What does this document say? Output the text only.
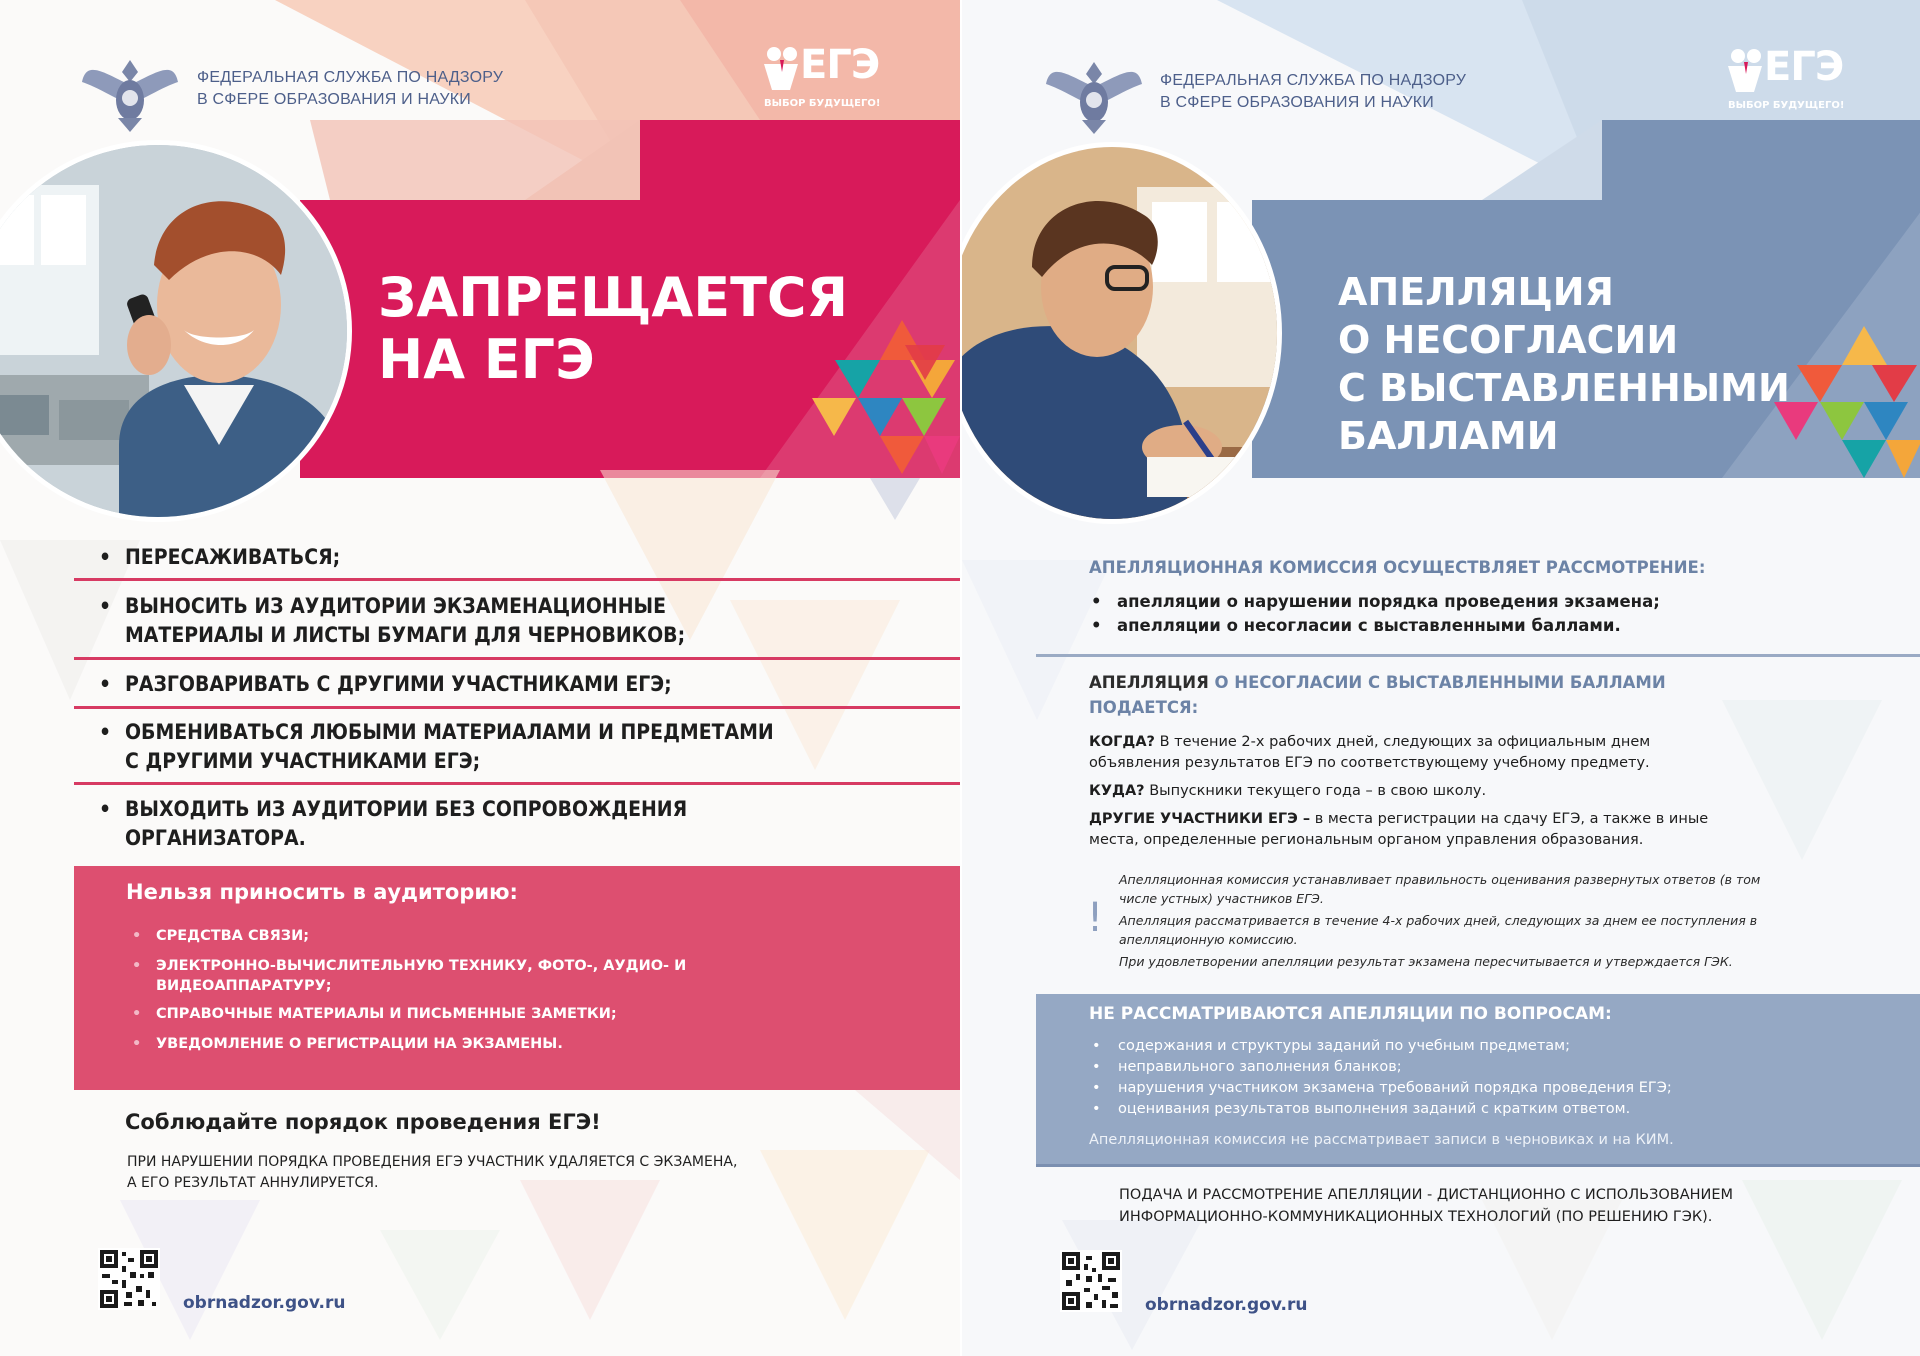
ФЕДЕРАЛЬНАЯ СЛУЖБА ПО НАДЗОРУ
В СФЕРЕ ОБРАЗОВАНИЯ И НАУКИ
ЕГЭ
ВЫБОР БУДУЩЕГО!
ЗАПРЕЩАЕТСЯ
НА ЕГЭ
• ПЕРЕСАЖИВАТЬСЯ;
• ВЫНОСИТЬ ИЗ АУДИТОРИИ ЭКЗАМЕНАЦИОННЫЕ
МАТЕРИАЛЫ И ЛИСТЫ БУМАГИ ДЛЯ ЧЕРНОВИКОВ;
• РАЗГОВАРИВАТЬ С ДРУГИМИ УЧАСТНИКАМИ ЕГЭ;
• ОБМЕНИВАТЬСЯ ЛЮБЫМИ МАТЕРИАЛАМИ И ПРЕДМЕТАМИ
С ДРУГИМИ УЧАСТНИКАМИ ЕГЭ;
• ВЫХОДИТЬ ИЗ АУДИТОРИИ БЕЗ СОПРОВОЖДЕНИЯ
ОРГАНИЗАТОРА.
Нельзя приносить в аудиторию:
• СРЕДСТВА СВЯЗИ;
• ЭЛЕКТРОННО-ВЫЧИСЛИТЕЛЬНУЮ ТЕХНИКУ, ФОТО-, АУДИО- И
ВИДЕОАППАРАТУРУ;
• СПРАВОЧНЫЕ МАТЕРИАЛЫ И ПИСЬМЕННЫЕ ЗАМЕТКИ;
• УВЕДОМЛЕНИЕ О РЕГИСТРАЦИИ НА ЭКЗАМЕНЫ.
Соблюдайте порядок проведения ЕГЭ!
ПРИ НАРУШЕНИИ ПОРЯДКА ПРОВЕДЕНИЯ ЕГЭ УЧАСТНИК УДАЛЯЕТСЯ С ЭКЗАМЕНА,
А ЕГО РЕЗУЛЬТАТ АННУЛИРУЕТСЯ.
obrnadzor.gov.ru
ФЕДЕРАЛЬНАЯ СЛУЖБА ПО НАДЗОРУ
В СФЕРЕ ОБРАЗОВАНИЯ И НАУКИ
ЕГЭ
ВЫБОР БУДУЩЕГО!
АПЕЛЛЯЦИЯ
О НЕСОГЛАСИИ
С ВЫСТАВЛЕННЫМИ
БАЛЛАМИ
АПЕЛЛЯЦИОННАЯ КОМИССИЯ ОСУЩЕСТВЛЯЕТ РАССМОТРЕНИЕ:
• апелляции о нарушении порядка проведения экзамена;
• апелляции о несогласии с выставленными баллами.
АПЕЛЛЯЦИЯ О НЕСОГЛАСИИ С ВЫСТАВЛЕННЫМИ БАЛЛАМИ
ПОДАЕТСЯ:
КОГДА? В течение 2-х рабочих дней, следующих за официальным днем
объявления результатов ЕГЭ по соответствующему учебному предмету.
КУДА? Выпускники текущего года – в свою школу.
ДРУГИЕ УЧАСТНИКИ ЕГЭ – в места регистрации на сдачу ЕГЭ, а также в иные
места, определенные региональным органом управления образования.
!
Апелляционная комиссия устанавливает правильность оценивания развернутых ответов (в том
числе устных) участников ЕГЭ.
Апелляция рассматривается в течение 4-х рабочих дней, следующих за днем ее поступления в
апелляционную комиссию.
При удовлетворении апелляции результат экзамена пересчитывается и утверждается ГЭК.
НЕ РАССМАТРИВАЮТСЯ АПЕЛЛЯЦИИ ПО ВОПРОСАМ:
• содержания и структуры заданий по учебным предметам;
• неправильного заполнения бланков;
• нарушения участником экзамена требований порядка проведения ЕГЭ;
• оценивания результатов выполнения заданий с кратким ответом.
Апелляционная комиссия не рассматривает записи в черновиках и на КИМ.
ПОДАЧА И РАССМОТРЕНИЕ АПЕЛЛЯЦИИ - ДИСТАНЦИОННО С ИСПОЛЬЗОВАНИЕМ
ИНФОРМАЦИОННО-КОММУНИКАЦИОННЫХ ТЕХНОЛОГИЙ (ПО РЕШЕНИЮ ГЭК).
obrnadzor.gov.ru
